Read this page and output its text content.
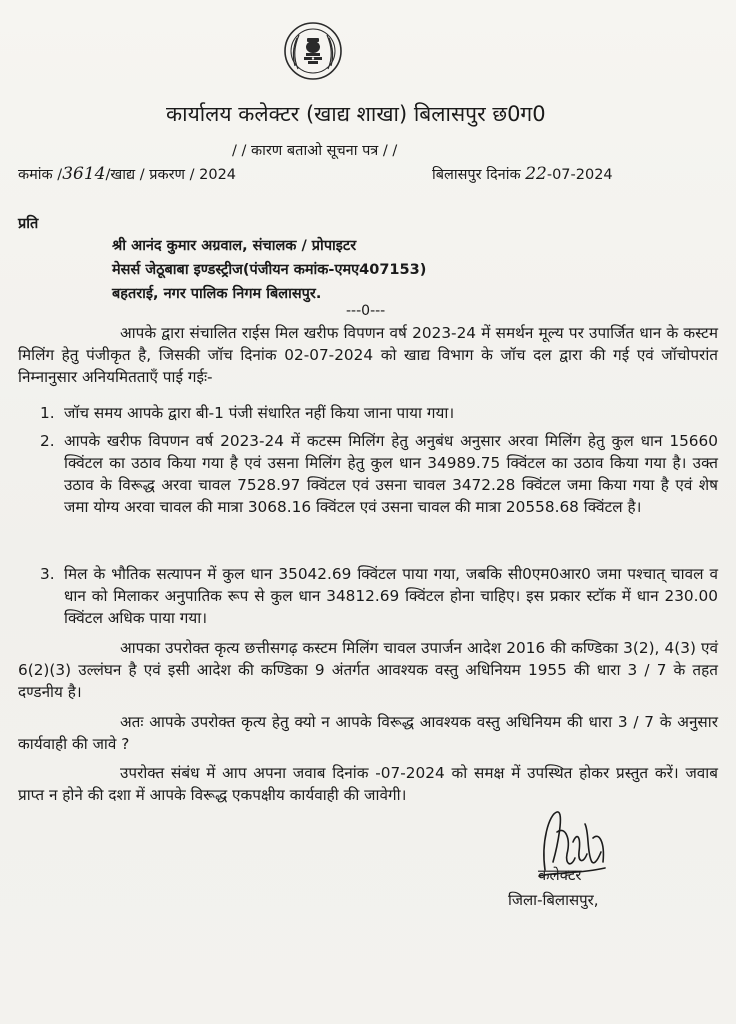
कार्यालय कलेक्टर (खाद्य शाखा) बिलासपुर छ0ग0
/ / कारण बताओ सूचना पत्र / /
कमांक /3614/खाद्य / प्रकरण / 2024	बिलासपुर दिनांक 22-07-2024
प्रति
श्री आनंद कुमार अग्रवाल, संचालक / प्रोपाइटर
मेसर्स जेठूबाबा इण्डस्ट्रीज(पंजीयन कमांक-एमए407153)
बहतराई, नगर पालिक निगम बिलासपुर.
---0---
आपके द्वारा संचालित राईस मिल खरीफ विपणन वर्ष 2023-24 में समर्थन मूल्य पर उपार्जित धान के कस्टम मिलिंग हेतु पंजीकृत है, जिसकी जॉच दिनांक 02-07-2024 को खाद्य विभाग के जॉच दल द्वारा की गई एवं जॉचोपरांत निम्नानुसार अनियमितताएँ पाई गईः-
1. जॉच समय आपके द्वारा बी-1 पंजी संधारित नहीं किया जाना पाया गया।
2. आपके खरीफ विपणन वर्ष 2023-24 में कटस्म मिलिंग हेतु अनुबंध अनुसार अरवा मिलिंग हेतु कुल धान 15660 क्विंटल का उठाव किया गया है एवं उसना मिलिंग हेतु कुल धान 34989.75 क्विंटल का उठाव किया गया है। उक्त उठाव के विरूद्ध अरवा चावल 7528.97 क्विंटल एवं उसना चावल 3472.28 क्विंटल जमा किया गया है एवं शेष जमा योग्य अरवा चावल की मात्रा 3068.16 क्विंटल एवं उसना चावल की मात्रा 20558.68 क्विंटल है।
3. मिल के भौतिक सत्यापन में कुल धान 35042.69 क्विंटल पाया गया, जबकि सी0एम0आर0 जमा पश्चात् चावल व धान को मिलाकर अनुपातिक रूप से कुल धान 34812.69 क्विंटल होना चाहिए। इस प्रकार स्टॉक में धान 230.00 क्विंटल अधिक पाया गया।
आपका उपरोक्त कृत्य छत्तीसगढ़ कस्टम मिलिंग चावल उपार्जन आदेश 2016 की कण्डिका 3(2), 4(3) एवं 6(2)(3) उल्लंघन है एवं इसी आदेश की कण्डिका 9 अंतर्गत आवश्यक वस्तु अधिनियम 1955 की धारा 3 / 7 के तहत दण्डनीय है।
अतः आपके उपरोक्त कृत्य हेतु क्यो न आपके विरूद्ध आवश्यक वस्तु अधिनियम की धारा 3 / 7 के अनुसार कार्यवाही की जावे ?
उपरोक्त संबंध में आप अपना जवाब दिनांक -07-2024 को समक्ष में उपस्थित होकर प्रस्तुत करें। जवाब प्राप्त न होने की दशा में आपके विरूद्ध एकपक्षीय कार्यवाही की जावेगी।
कलेक्टर
जिला-बिलासपुर,
